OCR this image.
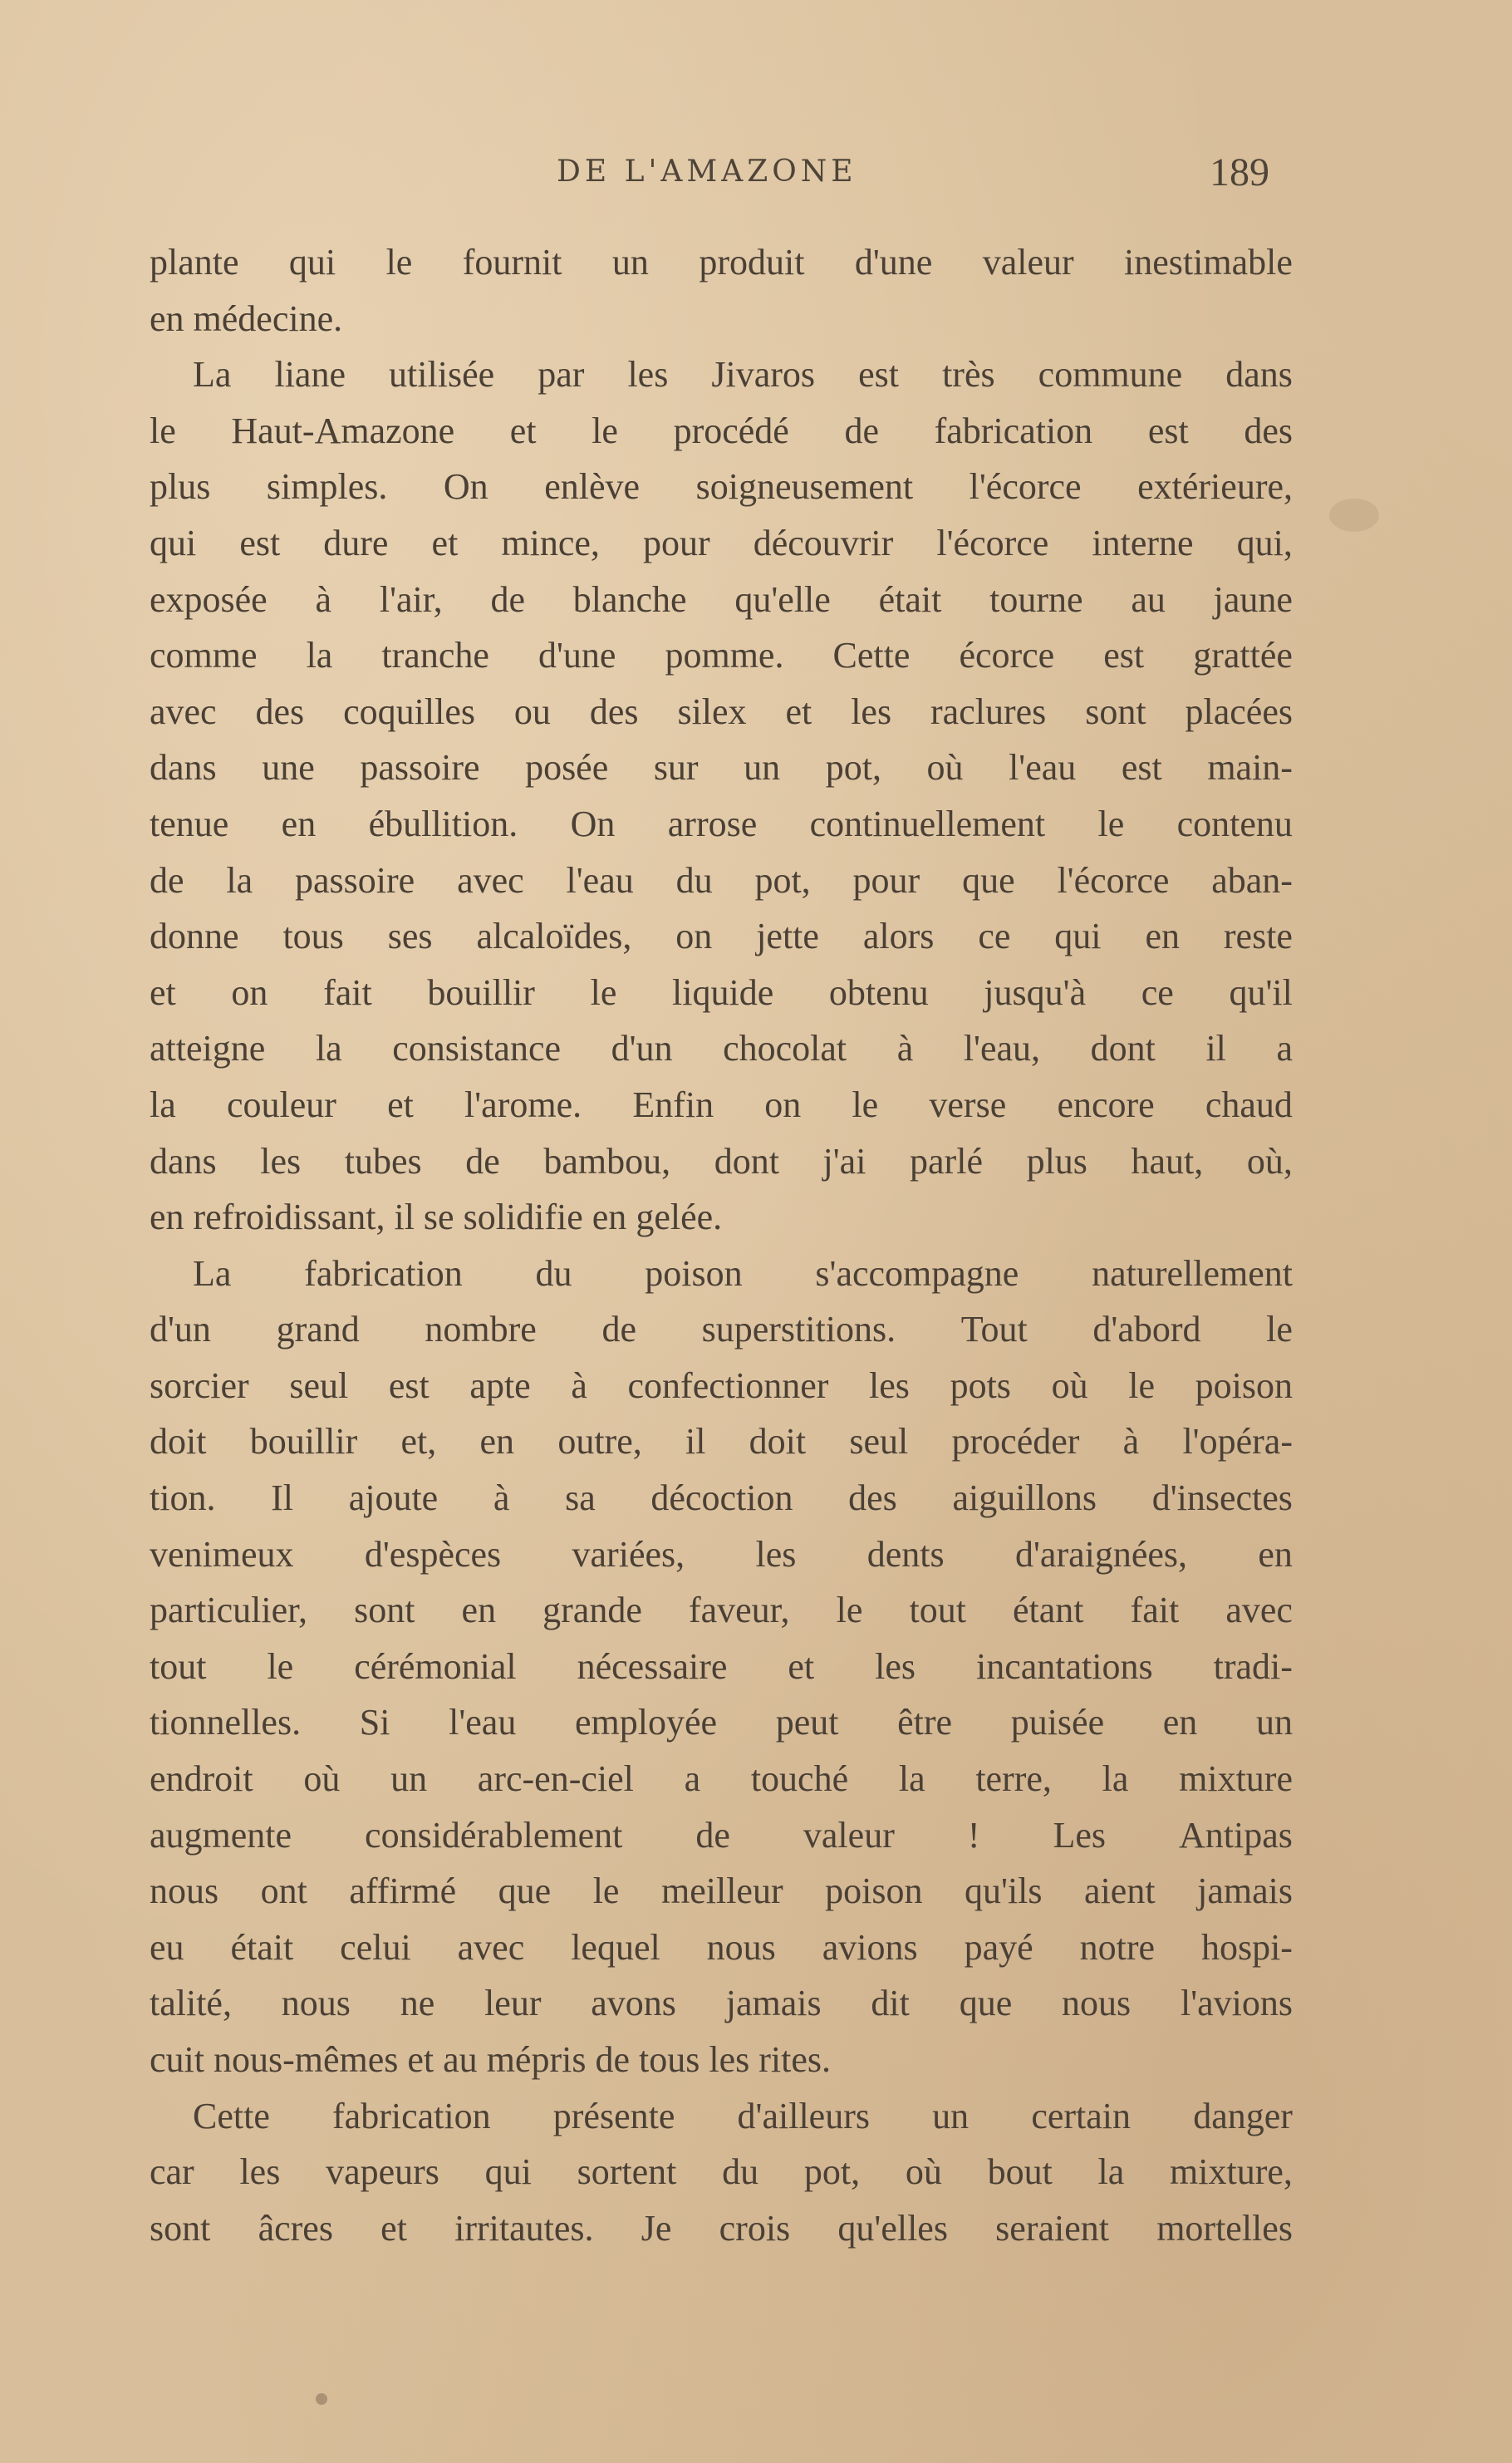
DE L'AMAZONE	189
plante qui le fournit un produit d'une valeur inestimable
en
médecine.
La liane utilisée par les Jivaros est très commune dans
le Haut-Amazone et le procédé de fabrication est des
plus simples. On enlève soigneusement l'écorce extérieure,
qui est dure et mince, pour découvrir l'écorce interne qui,
exposée à l'air, de blanche qu'elle était tourne au jaune
comme la tranche d'une pomme. Cette écorce est grattée
avec des coquilles ou des silex et les raclures sont placées
dans une passoire posée sur un pot, où l'eau est main-
tenue en ébullition. On arrose continuellement le contenu
de la passoire avec l'eau du pot, pour que l'écorce aban-
donne tous ses alcaloïdes, on jette alors ce qui en reste
et on fait bouillir le liquide obtenu jusqu'à ce qu'il
atteigne la consistance d'un chocolat à l'eau, dont il a
la couleur et l'arome. Enfin on le verse encore chaud
dans les tubes de bambou, dont j'ai parlé plus haut, où,
en
refroidissant,
il
se
solidifie
en
gelée.
La fabrication du poison s'accompagne naturellement
d'un grand nombre de superstitions. Tout d'abord le
sorcier seul est apte à confectionner les pots où le poison
doit bouillir et, en outre, il doit seul procéder à l'opéra-
tion. Il ajoute à sa décoction des aiguillons d'insectes
venimeux d'espèces variées, les dents d'araignées, en
particulier, sont en grande faveur, le tout étant fait avec
tout le cérémonial nécessaire et les incantations tradi-
tionnelles. Si l'eau employée peut être puisée en un
endroit où un arc-en-ciel a touché la terre, la mixture
augmente considérablement de valeur ! Les Antipas
nous ont affirmé que le meilleur poison qu'ils aient jamais
eu était celui avec lequel nous avions payé notre hospi-
talité, nous ne leur avons jamais dit que nous l'avions
cuit
nous-mêmes
et
au
mépris
de
tous
les
rites.
Cette fabrication présente d'ailleurs un certain danger
car les vapeurs qui sortent du pot, où bout la mixture,
sont âcres et irritautes. Je crois qu'elles seraient mortelles
